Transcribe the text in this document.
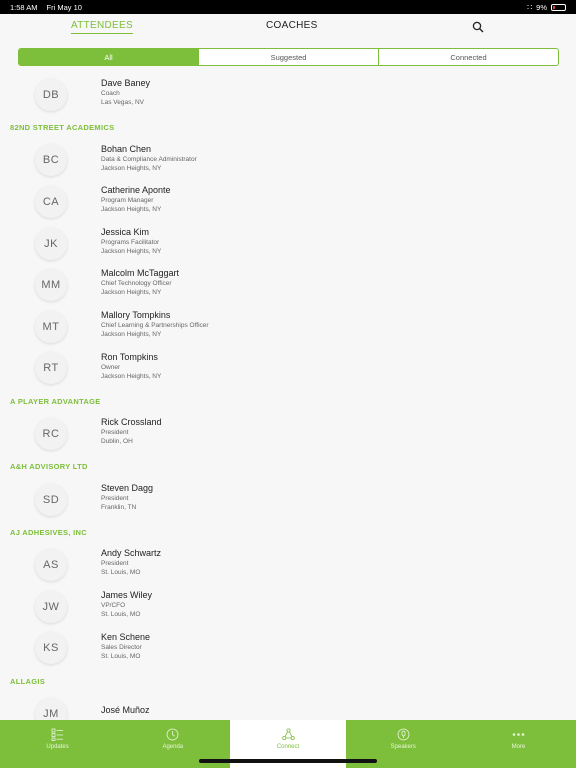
1:58 AM Fri May 10	∷ 9%
ATTENDEES	COACHES
All	Suggested	Connected
DB
Dave Baney
Coach
Las Vegas, NV
82ND STREET ACADEMICS
BC
Bohan Chen
Data & Compliance Administrator
Jackson Heights, NY
CA
Catherine Aponte
Program Manager
Jackson Heights, NY
JK
Jessica Kim
Programs Facilitator
Jackson Heights, NY
MM
Malcolm McTaggart
Chief Technology Officer
Jackson Heights, NY
MT
Mallory Tompkins
Chief Learning & Partnerships Officer
Jackson Heights, NY
RT
Ron Tompkins
Owner
Jackson Heights, NY
A PLAYER ADVANTAGE
RC
Rick Crossland
President
Dublin, OH
A&H ADVISORY LTD
SD
Steven Dagg
President
Franklin, TN
AJ ADHESIVES, INC
AS
Andy Schwartz
President
St. Louis, MO
JW
James Wiley
VP/CFO
St. Louis, MO
KS
Ken Schene
Sales Director
St. Louis, MO
ALLAGIS
JM	José Muñoz
Updates	Agenda	Connect	Speakers	More
